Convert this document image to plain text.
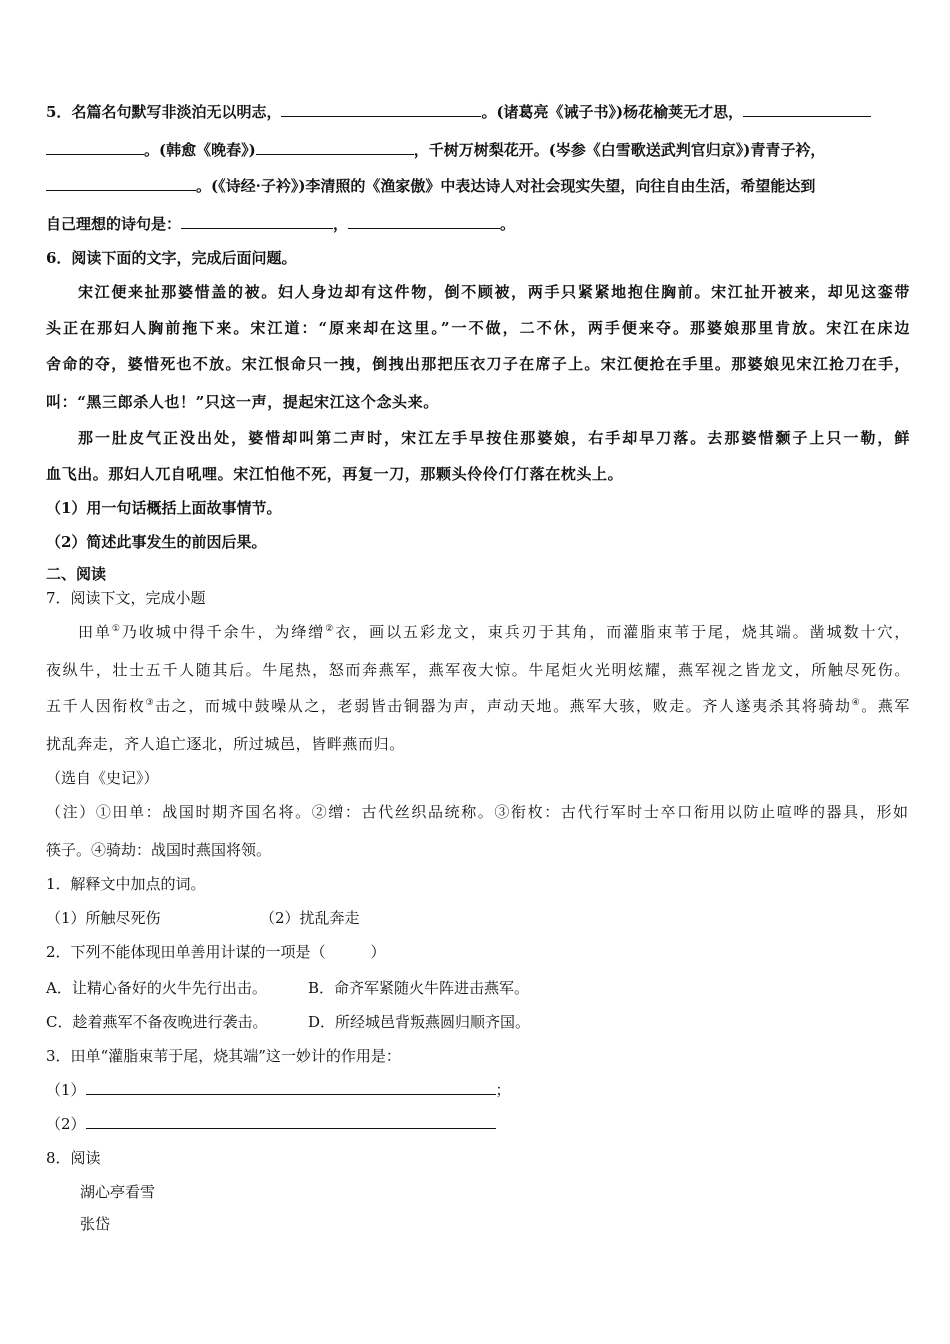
5．名篇名句默写非淡泊无以明志，	。(诸葛亮《诫子书》)杨花榆荚无才思，
。(韩愈《晚春》)	，千树万树梨花开。(岑参《白雪歌送武判官归京》)青青子衿，
。(《诗经·子衿》)李清照的《渔家傲》中表达诗人对社会现实失望，向往自由生活，希望能达到
自己理想的诗句是：	，	。
6．阅读下面的文字，完成后面问题。
宋江便来扯那婆惜盖的被。妇人身边却有这件物，倒不顾被，两手只紧紧地抱住胸前。宋江扯开被来，却见这銮带
头正在那妇人胸前拖下来。宋江道：“原来却在这里。”一不做，二不休，两手便来夺。那婆娘那里肯放。宋江在床边
舍命的夺，婆惜死也不放。宋江恨命只一拽，倒拽出那把压衣刀子在席子上。宋江便抢在手里。那婆娘见宋江抢刀在手，
叫：“黑三郎杀人也！”只这一声，提起宋江这个念头来。
那一肚皮气正没出处，婆惜却叫第二声时，宋江左手早按住那婆娘，右手却早刀落。去那婆惜颡子上只一勒，鲜
血飞出。那妇人兀自吼哩。宋江怕他不死，再复一刀，那颗头伶伶仃仃落在枕头上。
（1）用一句话概括上面故事情节。
（2）简述此事发生的前因后果。
二、阅读
7．阅读下文，完成小题
田单①乃收城中得千余牛，为绛缯②衣，画以五彩龙文，束兵刃于其角，而灌脂束苇于尾，烧其端。凿城数十穴，
夜纵牛，壮士五千人随其后。牛尾热，怒而奔燕军，燕军夜大惊。牛尾炬火光明炫耀，燕军视之皆龙文，所触尽死伤。
五千人因衔枚③击之，而城中鼓噪从之，老弱皆击铜器为声，声动天地。燕军大骇，败走。齐人遂夷杀其将骑劫④。燕军
扰乱奔走，齐人追亡逐北，所过城邑，皆畔燕而归。
（选自《史记》）
（注）①田单：战国时期齐国名将。②缯：古代丝织品统称。③衔枚：古代行军时士卒口衔用以防止喧哗的器具，形如
筷子。④骑劫：战国时燕国将领。
1．解释文中加点的词。
（1）所触尽死伤	（2）扰乱奔走
2．下列不能体现田单善用计谋的一项是（　　　）
A．让精心备好的火牛先行出击。	B．命齐军紧随火牛阵进击燕军。
C．趁着燕军不备夜晚进行袭击。	D．所经城邑背叛燕圆归顺齐国。
3．田单“灌脂束苇于尾，烧其端”这一妙计的作用是：
（1）	；
（2）
8．阅读
湖心亭看雪
张岱
